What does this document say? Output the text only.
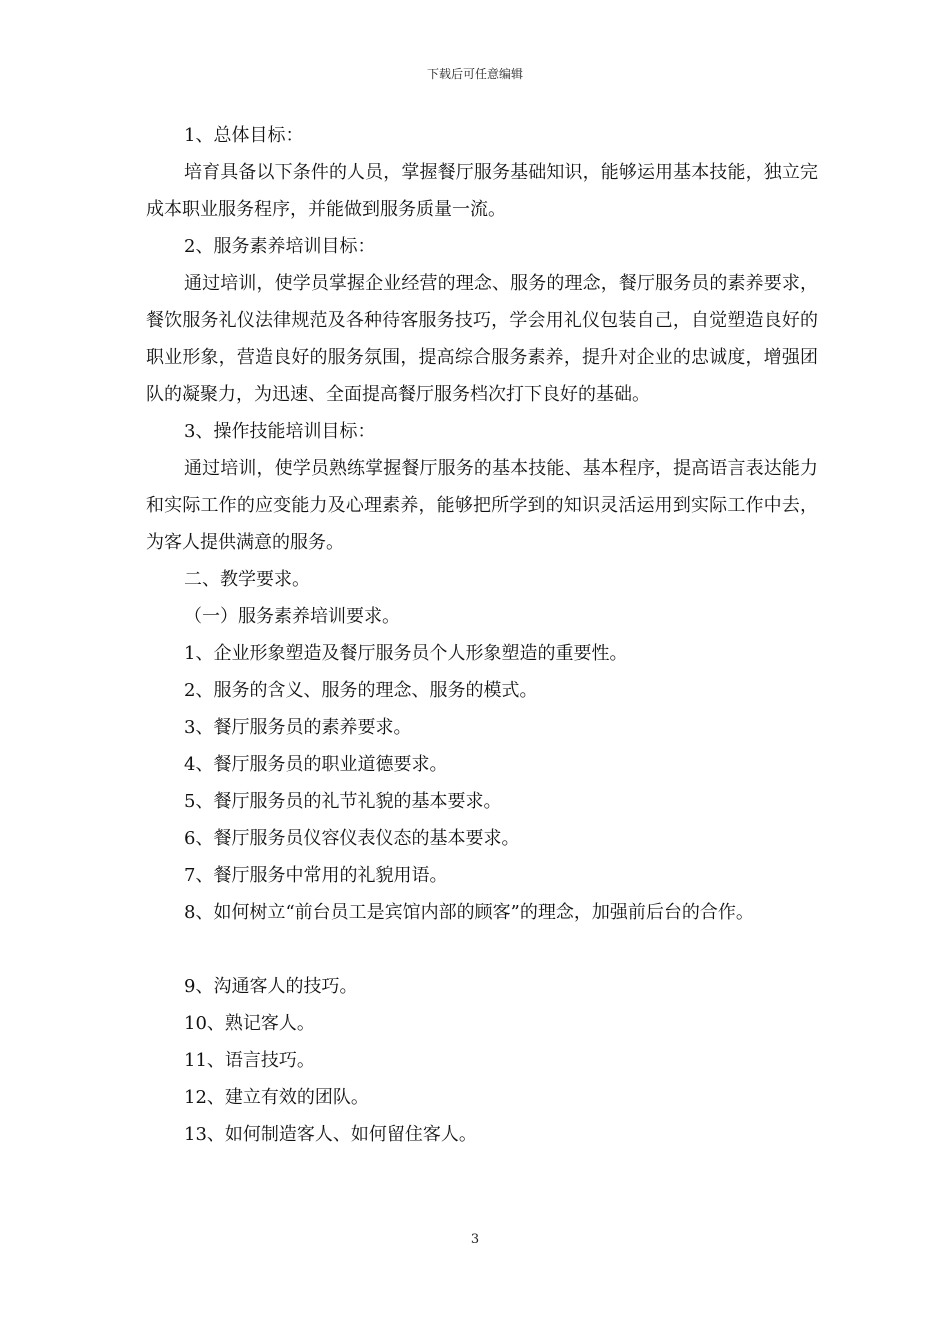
下载后可任意编辑

1、总体目标：

培育具备以下条件的人员，掌握餐厅服务基础知识，能够运用基本技能，独立完成本职业服务程序，并能做到服务质量一流。

2、服务素养培训目标：

通过培训，使学员掌握企业经营的理念、服务的理念，餐厅服务员的素养要求，餐饮服务礼仪法律规范及各种待客服务技巧，学会用礼仪包装自己，自觉塑造良好的职业形象，营造良好的服务氛围，提高综合服务素养，提升对企业的忠诚度，增强团队的凝聚力，为迅速、全面提高餐厅服务档次打下良好的基础。

3、操作技能培训目标：

通过培训，使学员熟练掌握餐厅服务的基本技能、基本程序，提高语言表达能力和实际工作的应变能力及心理素养，能够把所学到的知识灵活运用到实际工作中去，为客人提供满意的服务。

二、教学要求。

（一）服务素养培训要求。

1、企业形象塑造及餐厅服务员个人形象塑造的重要性。

2、服务的含义、服务的理念、服务的模式。

3、餐厅服务员的素养要求。

4、餐厅服务员的职业道德要求。

5、餐厅服务员的礼节礼貌的基本要求。

6、餐厅服务员仪容仪表仪态的基本要求。

7、餐厅服务中常用的礼貌用语。

8、如何树立“前台员工是宾馆内部的顾客”的理念，加强前后台的合作。

9、沟通客人的技巧。

10、熟记客人。

11、语言技巧。

12、建立有效的团队。

13、如何制造客人、如何留住客人。

3
